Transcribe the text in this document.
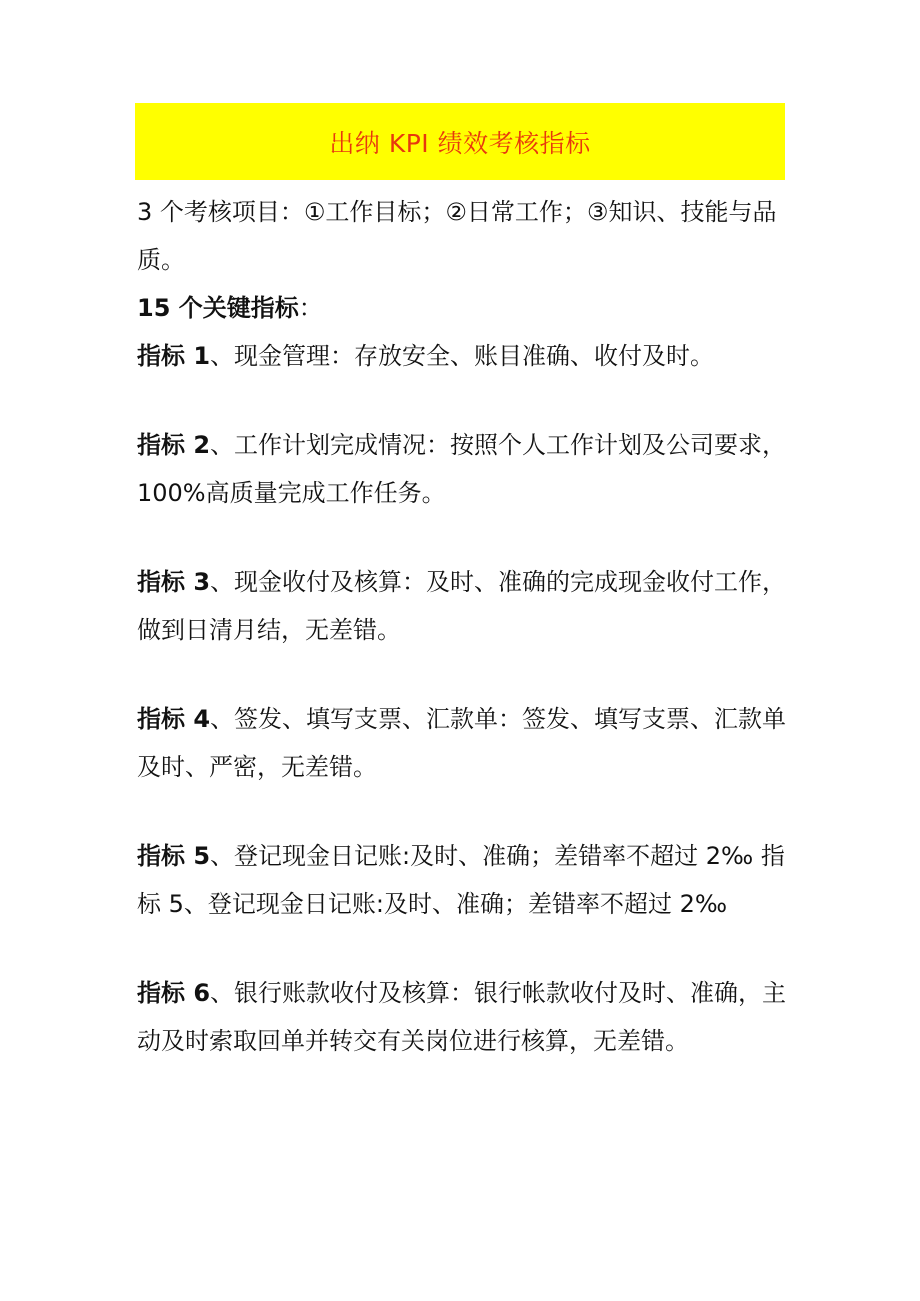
出纳 KPI 绩效考核指标

3 个考核项目：①工作目标；②日常工作；③知识、技能与品质。

15 个关键指标：

指标 1、现金管理：存放安全、账目准确、收付及时。

指标 2、工作计划完成情况：按照个人工作计划及公司要求，100%高质量完成工作任务。

指标 3、现金收付及核算：及时、准确的完成现金收付工作，做到日清月结，无差错。

指标 4、签发、填写支票、汇款单：签发、填写支票、汇款单及时、严密，无差错。

指标 5、登记现金日记账:及时、准确；差错率不超过 2‰ 指标 5、登记现金日记账:及时、准确；差错率不超过 2‰

指标 6、银行账款收付及核算：银行帐款收付及时、准确，主动及时索取回单并转交有关岗位进行核算，无差错。
